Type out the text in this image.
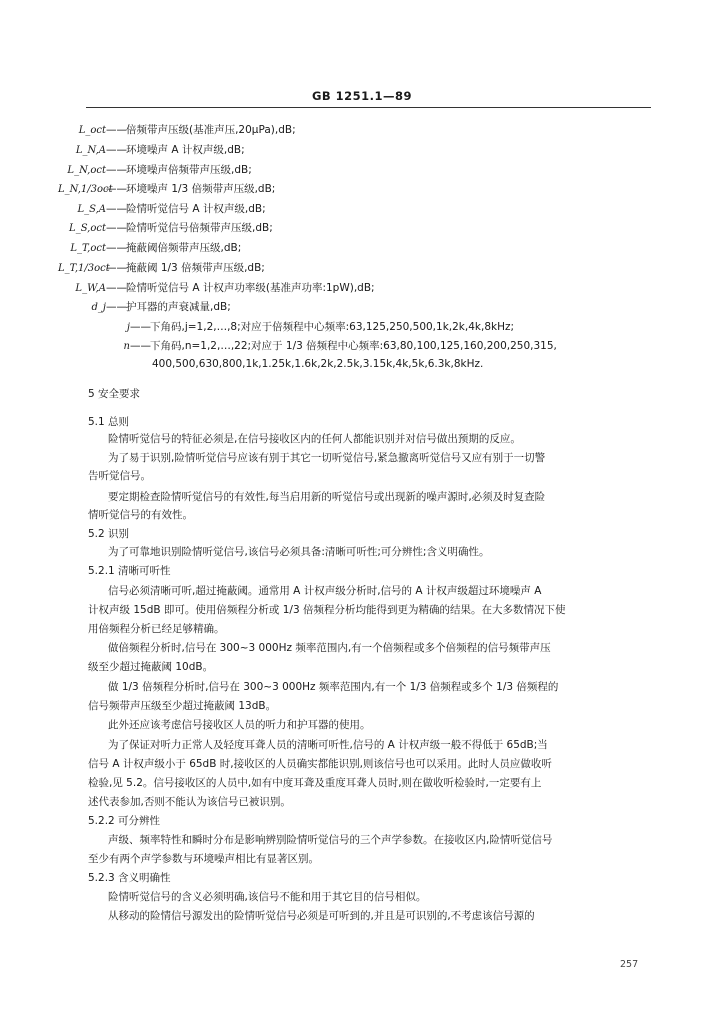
GB 1251.1—89
L_oct——倍频带声压级(基准声压,20μPa),dB;
L_N,A——环境噪声 A 计权声级,dB;
L_N,oct——环境噪声倍频带声压级,dB;
L_N,1/3oct——环境噪声 1/3 倍频带声压级,dB;
L_S,A——险情听觉信号 A 计权声级,dB;
L_S,oct——险情听觉信号倍频带声压级,dB;
L_T,oct——掩蔽阈倍频带声压级,dB;
L_T,1/3oct——掩蔽阈 1/3 倍频带声压级,dB;
L_W,A——险情听觉信号 A 计权声功率级(基准声功率:1pW),dB;
d_j——护耳器的声衰减量,dB;
j——下角码,j=1,2,…,8;对应于倍频程中心频率:63,125,250,500,1k,2k,4k,8kHz;
n——下角码,n=1,2,…,22;对应于 1/3 倍频程中心频率:63,80,100,125,160,200,250,315,
400,500,630,800,1k,1.25k,1.6k,2k,2.5k,3.15k,4k,5k,6.3k,8kHz.
5 安全要求
5.1 总则
险情听觉信号的特征必须是,在信号接收区内的任何人都能识别并对信号做出预期的反应。
为了易于识别,险情听觉信号应该有别于其它一切听觉信号,紧急撤离听觉信号又应有别于一切警
告听觉信号。
要定期检查险情听觉信号的有效性,每当启用新的听觉信号或出现新的噪声源时,必须及时复查险
情听觉信号的有效性。
5.2 识别
为了可靠地识别险情听觉信号,该信号必须具备:清晰可听性;可分辨性;含义明确性。
5.2.1 清晰可听性
信号必须清晰可听,超过掩蔽阈。通常用 A 计权声级分析时,信号的 A 计权声级超过环境噪声 A
计权声级 15dB 即可。使用倍频程分析或 1/3 倍频程分析均能得到更为精确的结果。在大多数情况下使
用倍频程分析已经足够精确。
做倍频程分析时,信号在 300~3 000Hz 频率范围内,有一个倍频程或多个倍频程的信号频带声压
级至少超过掩蔽阈 10dB。
做 1/3 倍频程分析时,信号在 300~3 000Hz 频率范围内,有一个 1/3 倍频程或多个 1/3 倍频程的
信号频带声压级至少超过掩蔽阈 13dB。
此外还应该考虑信号接收区人员的听力和护耳器的使用。
为了保证对听力正常人及轻度耳聋人员的清晰可听性,信号的 A 计权声级一般不得低于 65dB;当
信号 A 计权声级小于 65dB 时,接收区的人员确实都能识别,则该信号也可以采用。此时人员应做收听
检验,见 5.2。信号接收区的人员中,如有中度耳聋及重度耳聋人员时,则在做收听检验时,一定要有上
述代表参加,否则不能认为该信号已被识别。
5.2.2 可分辨性
声级、频率特性和瞬时分布是影响辨别险情听觉信号的三个声学参数。在接收区内,险情听觉信号
至少有两个声学参数与环境噪声相比有显著区别。
5.2.3 含义明确性
险情听觉信号的含义必须明确,该信号不能和用于其它目的信号相似。
从移动的险情信号源发出的险情听觉信号必须是可听到的,并且是可识别的,不考虑该信号源的
257
